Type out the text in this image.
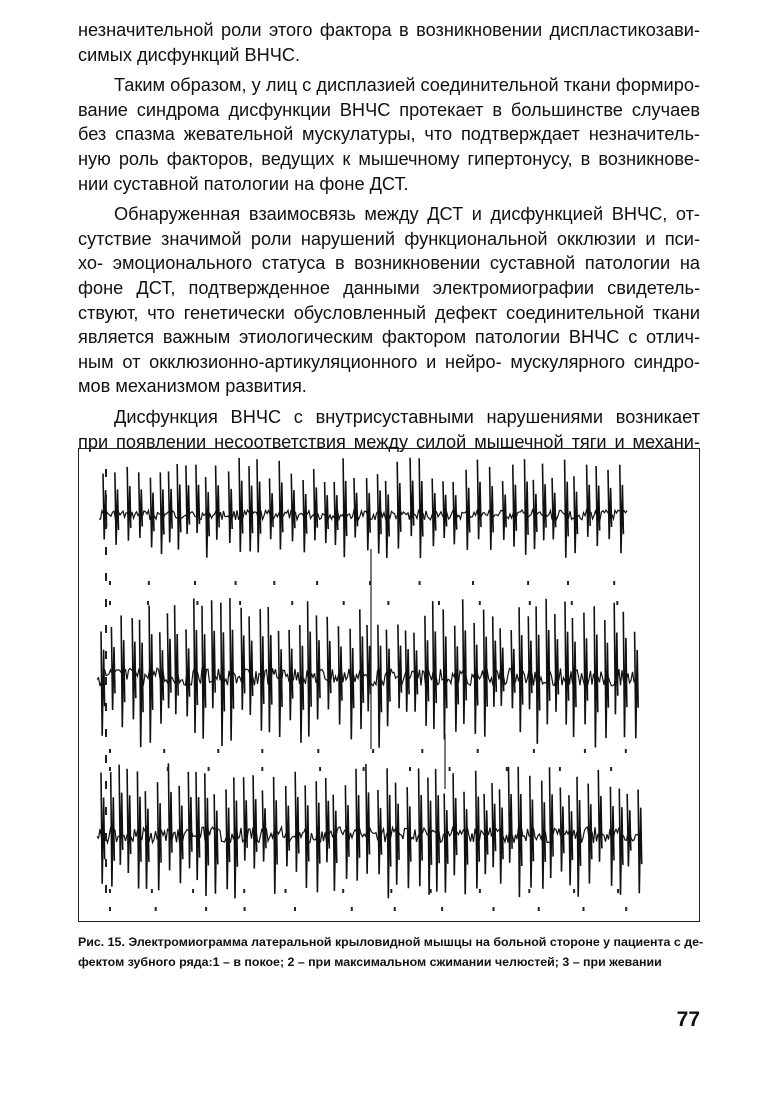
незначительной роли этого фактора в возникновении диспластикозави-
симых дисфункций ВНЧС.

Таким образом, у лиц с дисплазией соединительной ткани формиро-
вание синдрома дисфункции ВНЧС протекает в большинстве случаев
без спазма жевательной мускулатуры, что подтверждает незначитель-
ную роль факторов, ведущих к мышечному гипертонусу, в возникнове-
нии суставной патологии на фоне ДСТ.

Обнаруженная взаимосвязь между ДСТ и дисфункцией ВНЧС, от-
сутствие значимой роли нарушений функциональной окклюзии и пси-
хо- эмоционального статуса в возникновении суставной патологии на
фоне ДСТ, подтвержденное данными электромиографии свидетель-
ствуют, что генетически обусловленный дефект соединительной ткани
является важным этиологическим фактором патологии ВНЧС с отлич-
ным от окклюзионно-артикуляционного и нейро- мускулярного синдро-
мов механизмом развития.

Дисфункция ВНЧС с внутрисуставными нарушениями возникает
при появлении несоответствия между силой мышечной тяги и механи-

Рис. 15. Электромиограмма латеральной крыловидной мышцы на больной стороне у пациента с де-
фектом зубного ряда:1 – в покое; 2 – при максимальном сжимании челюстей; 3 – при жевании
77
